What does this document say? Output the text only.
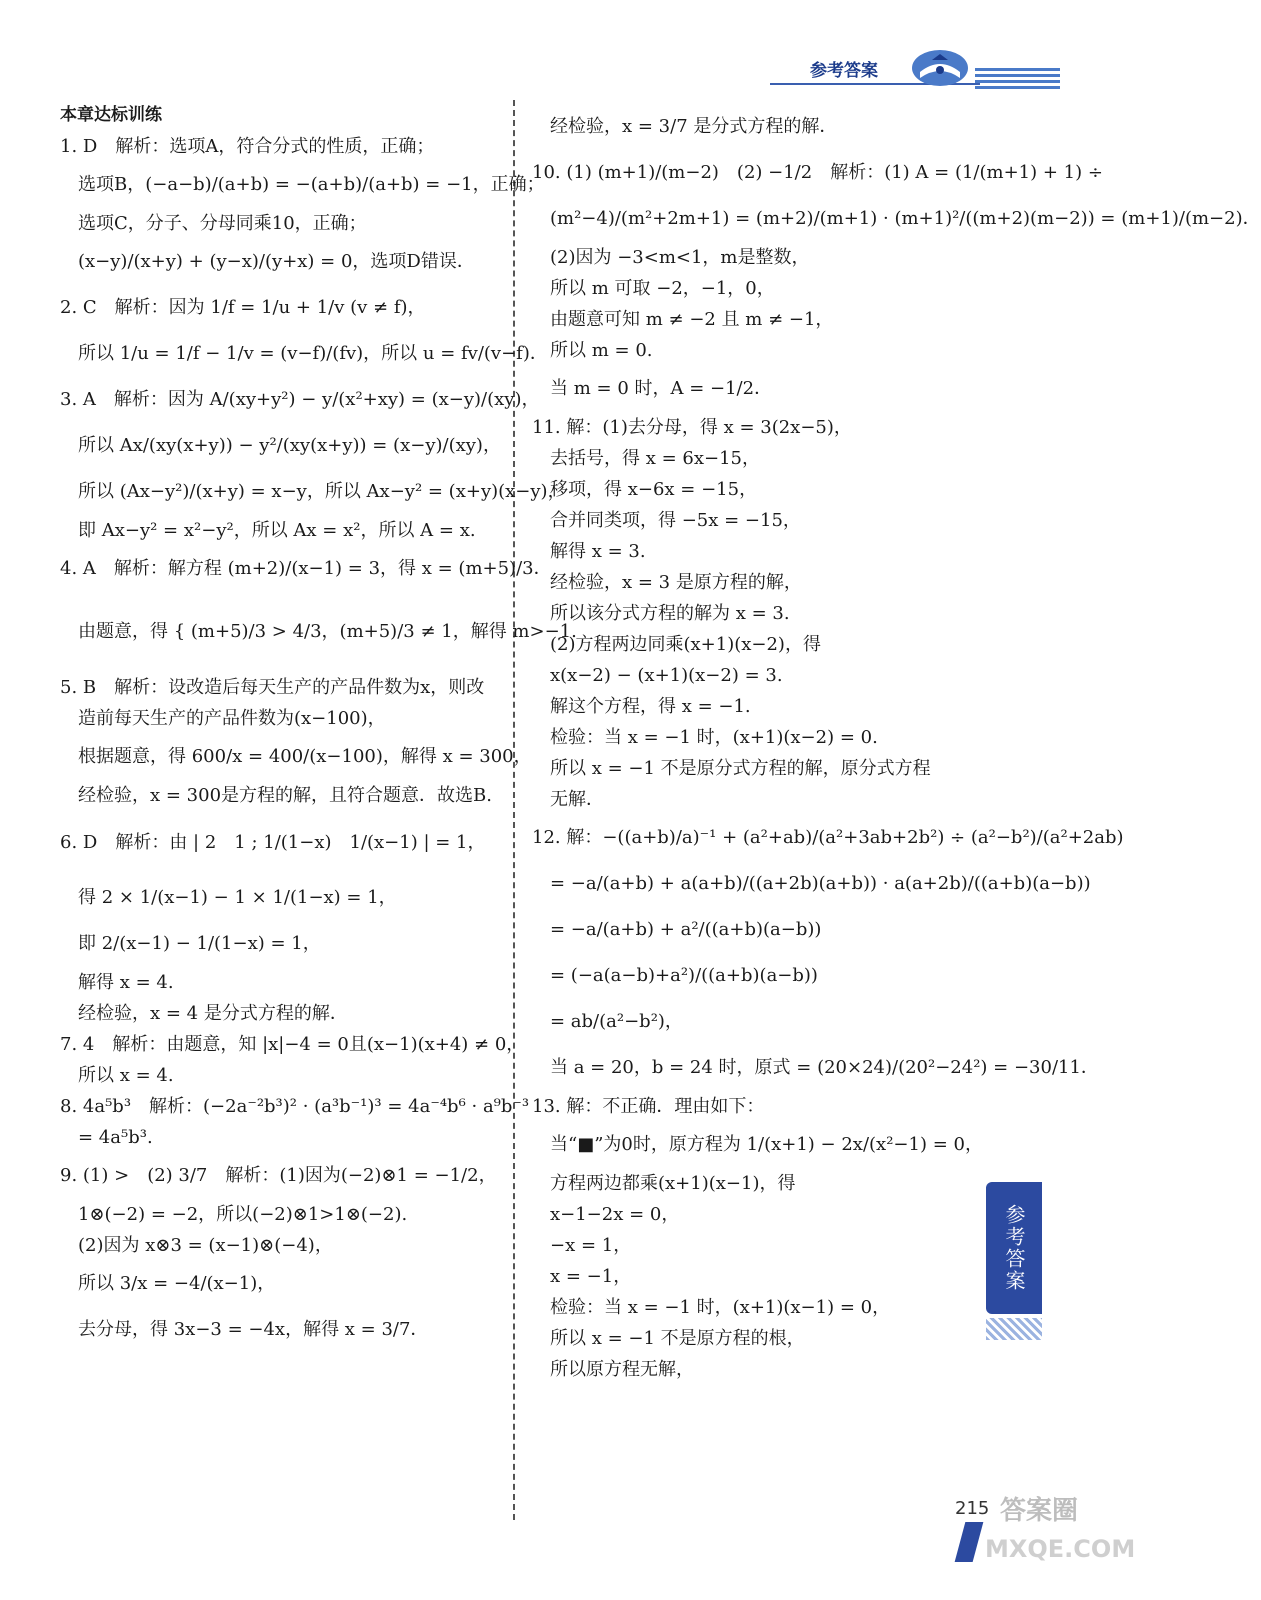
参考答案
本章达标训练
1. D　解析：选项A，符合分式的性质，正确；
选项B，(−a−b)/(a+b) = −(a+b)/(a+b) = −1，正确；
选项C，分子、分母同乘10，正确；
(x−y)/(x+y) + (y−x)/(y+x) = 0，选项D错误．
2. C　解析：因为 1/f = 1/u + 1/v (v ≠ f)，
所以 1/u = 1/f − 1/v = (v−f)/(fv)，所以 u = fv/(v−f)．
3. A　解析：因为 A/(xy+y²) − y/(x²+xy) = (x−y)/(xy)，
所以 Ax/(xy(x+y)) − y²/(xy(x+y)) = (x−y)/(xy)，
所以 (Ax−y²)/(x+y) = x−y，所以 Ax−y² = (x+y)(x−y)，
即 Ax−y² = x²−y²，所以 Ax = x²，所以 A = x.
4. A　解析：解方程 (m+2)/(x−1) = 3，得 x = (m+5)/3．
由题意，得 { (m+5)/3 > 4/3，(m+5)/3 ≠ 1，解得 m>−1.
5. B　解析：设改造后每天生产的产品件数为x，则改
造前每天生产的产品件数为(x−100)，
根据题意，得 600/x = 400/(x−100)，解得 x = 300，
经检验，x = 300是方程的解，且符合题意．故选B.
6. D　解析：由 | 2　1 ; 1/(1−x)　1/(x−1) | = 1，
得 2 × 1/(x−1) − 1 × 1/(1−x) = 1，
即 2/(x−1) − 1/(1−x) = 1，
解得 x = 4.
经检验，x = 4 是分式方程的解．
7. 4　解析：由题意，知 |x|−4 = 0且(x−1)(x+4) ≠ 0，
所以 x = 4.
8. 4a⁵b³　解析：(−2a⁻²b³)² · (a³b⁻¹)³ = 4a⁻⁴b⁶ · a⁹b⁻³
= 4a⁵b³.
9. (1) >　(2) 3/7　解析：(1)因为(−2)⊗1 = −1/2，
1⊗(−2) = −2，所以(−2)⊗1>1⊗(−2).
(2)因为 x⊗3 = (x−1)⊗(−4)，
所以 3/x = −4/(x−1)，
去分母，得 3x−3 = −4x，解得 x = 3/7．
经检验，x = 3/7 是分式方程的解．
10. (1) (m+1)/(m−2)　(2) −1/2　解析：(1) A = (1/(m+1) + 1) ÷
(m²−4)/(m²+2m+1) = (m+2)/(m+1) · (m+1)²/((m+2)(m−2)) = (m+1)/(m−2)．
(2)因为 −3<m<1，m是整数，
所以 m 可取 −2，−1，0，
由题意可知 m ≠ −2 且 m ≠ −1，
所以 m = 0.
当 m = 0 时，A = −1/2．
11. 解：(1)去分母，得 x = 3(2x−5)，
去括号，得 x = 6x−15，
移项，得 x−6x = −15，
合并同类项，得 −5x = −15，
解得 x = 3.
经检验，x = 3 是原方程的解，
所以该分式方程的解为 x = 3.
(2)方程两边同乘(x+1)(x−2)，得
x(x−2) − (x+1)(x−2) = 3.
解这个方程，得 x = −1.
检验：当 x = −1 时，(x+1)(x−2) = 0.
所以 x = −1 不是原分式方程的解，原分式方程
无解．
12. 解：−((a+b)/a)⁻¹ + (a²+ab)/(a²+3ab+2b²) ÷ (a²−b²)/(a²+2ab)
= −a/(a+b) + a(a+b)/((a+2b)(a+b)) · a(a+2b)/((a+b)(a−b))
= −a/(a+b) + a²/((a+b)(a−b))
= (−a(a−b)+a²)/((a+b)(a−b))
= ab/(a²−b²)，
当 a = 20，b = 24 时，原式 = (20×24)/(20²−24²) = −30/11．
13. 解：不正确．理由如下：
当“■”为0时，原方程为 1/(x+1) − 2x/(x²−1) = 0，
方程两边都乘(x+1)(x−1)，得
x−1−2x = 0，
−x = 1，
x = −1，
检验：当 x = −1 时，(x+1)(x−1) = 0，
所以 x = −1 不是原方程的根，
所以原方程无解，
参考答案
215 答案圈
MXQE.COM
